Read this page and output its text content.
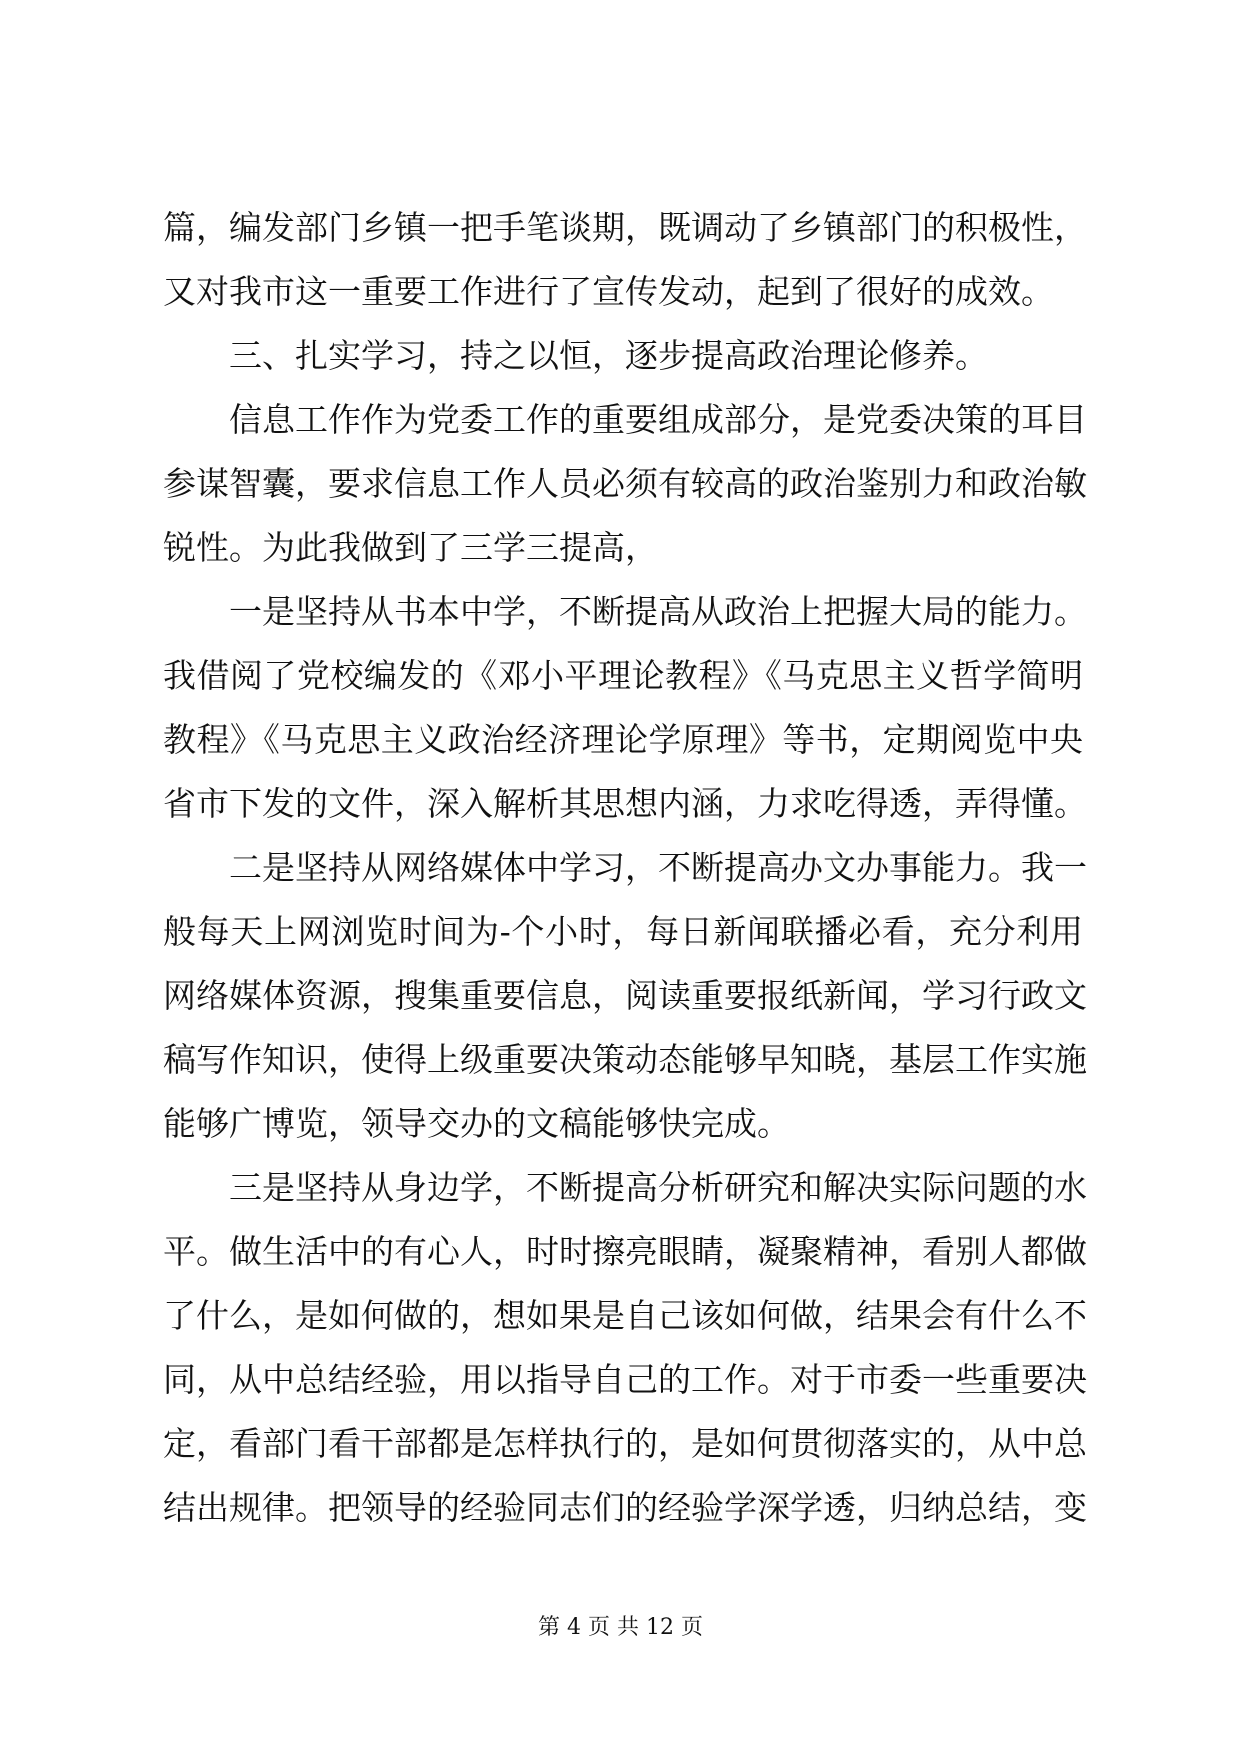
篇，编发部门乡镇一把手笔谈期，既调动了乡镇部门的积极性，
又对我市这一重要工作进行了宣传发动，起到了很好的成效。
三、扎实学习，持之以恒，逐步提高政治理论修养。
信息工作作为党委工作的重要组成部分，是党委决策的耳目
参谋智囊，要求信息工作人员必须有较高的政治鉴别力和政治敏
锐性。为此我做到了三学三提高，
一是坚持从书本中学，不断提高从政治上把握大局的能力。
我借阅了党校编发的《邓小平理论教程》《马克思主义哲学简明
教程》《马克思主义政治经济理论学原理》等书，定期阅览中央
省市下发的文件，深入解析其思想内涵，力求吃得透，弄得懂。
二是坚持从网络媒体中学习，不断提高办文办事能力。我一
般每天上网浏览时间为-个小时，每日新闻联播必看，充分利用
网络媒体资源，搜集重要信息，阅读重要报纸新闻，学习行政文
稿写作知识，使得上级重要决策动态能够早知晓，基层工作实施
能够广博览，领导交办的文稿能够快完成。
三是坚持从身边学，不断提高分析研究和解决实际问题的水
平。做生活中的有心人，时时擦亮眼睛，凝聚精神，看别人都做
了什么，是如何做的，想如果是自己该如何做，结果会有什么不
同，从中总结经验，用以指导自己的工作。对于市委一些重要决
定，看部门看干部都是怎样执行的，是如何贯彻落实的，从中总
结出规律。把领导的经验同志们的经验学深学透，归纳总结，变
第 4 页 共 12 页
